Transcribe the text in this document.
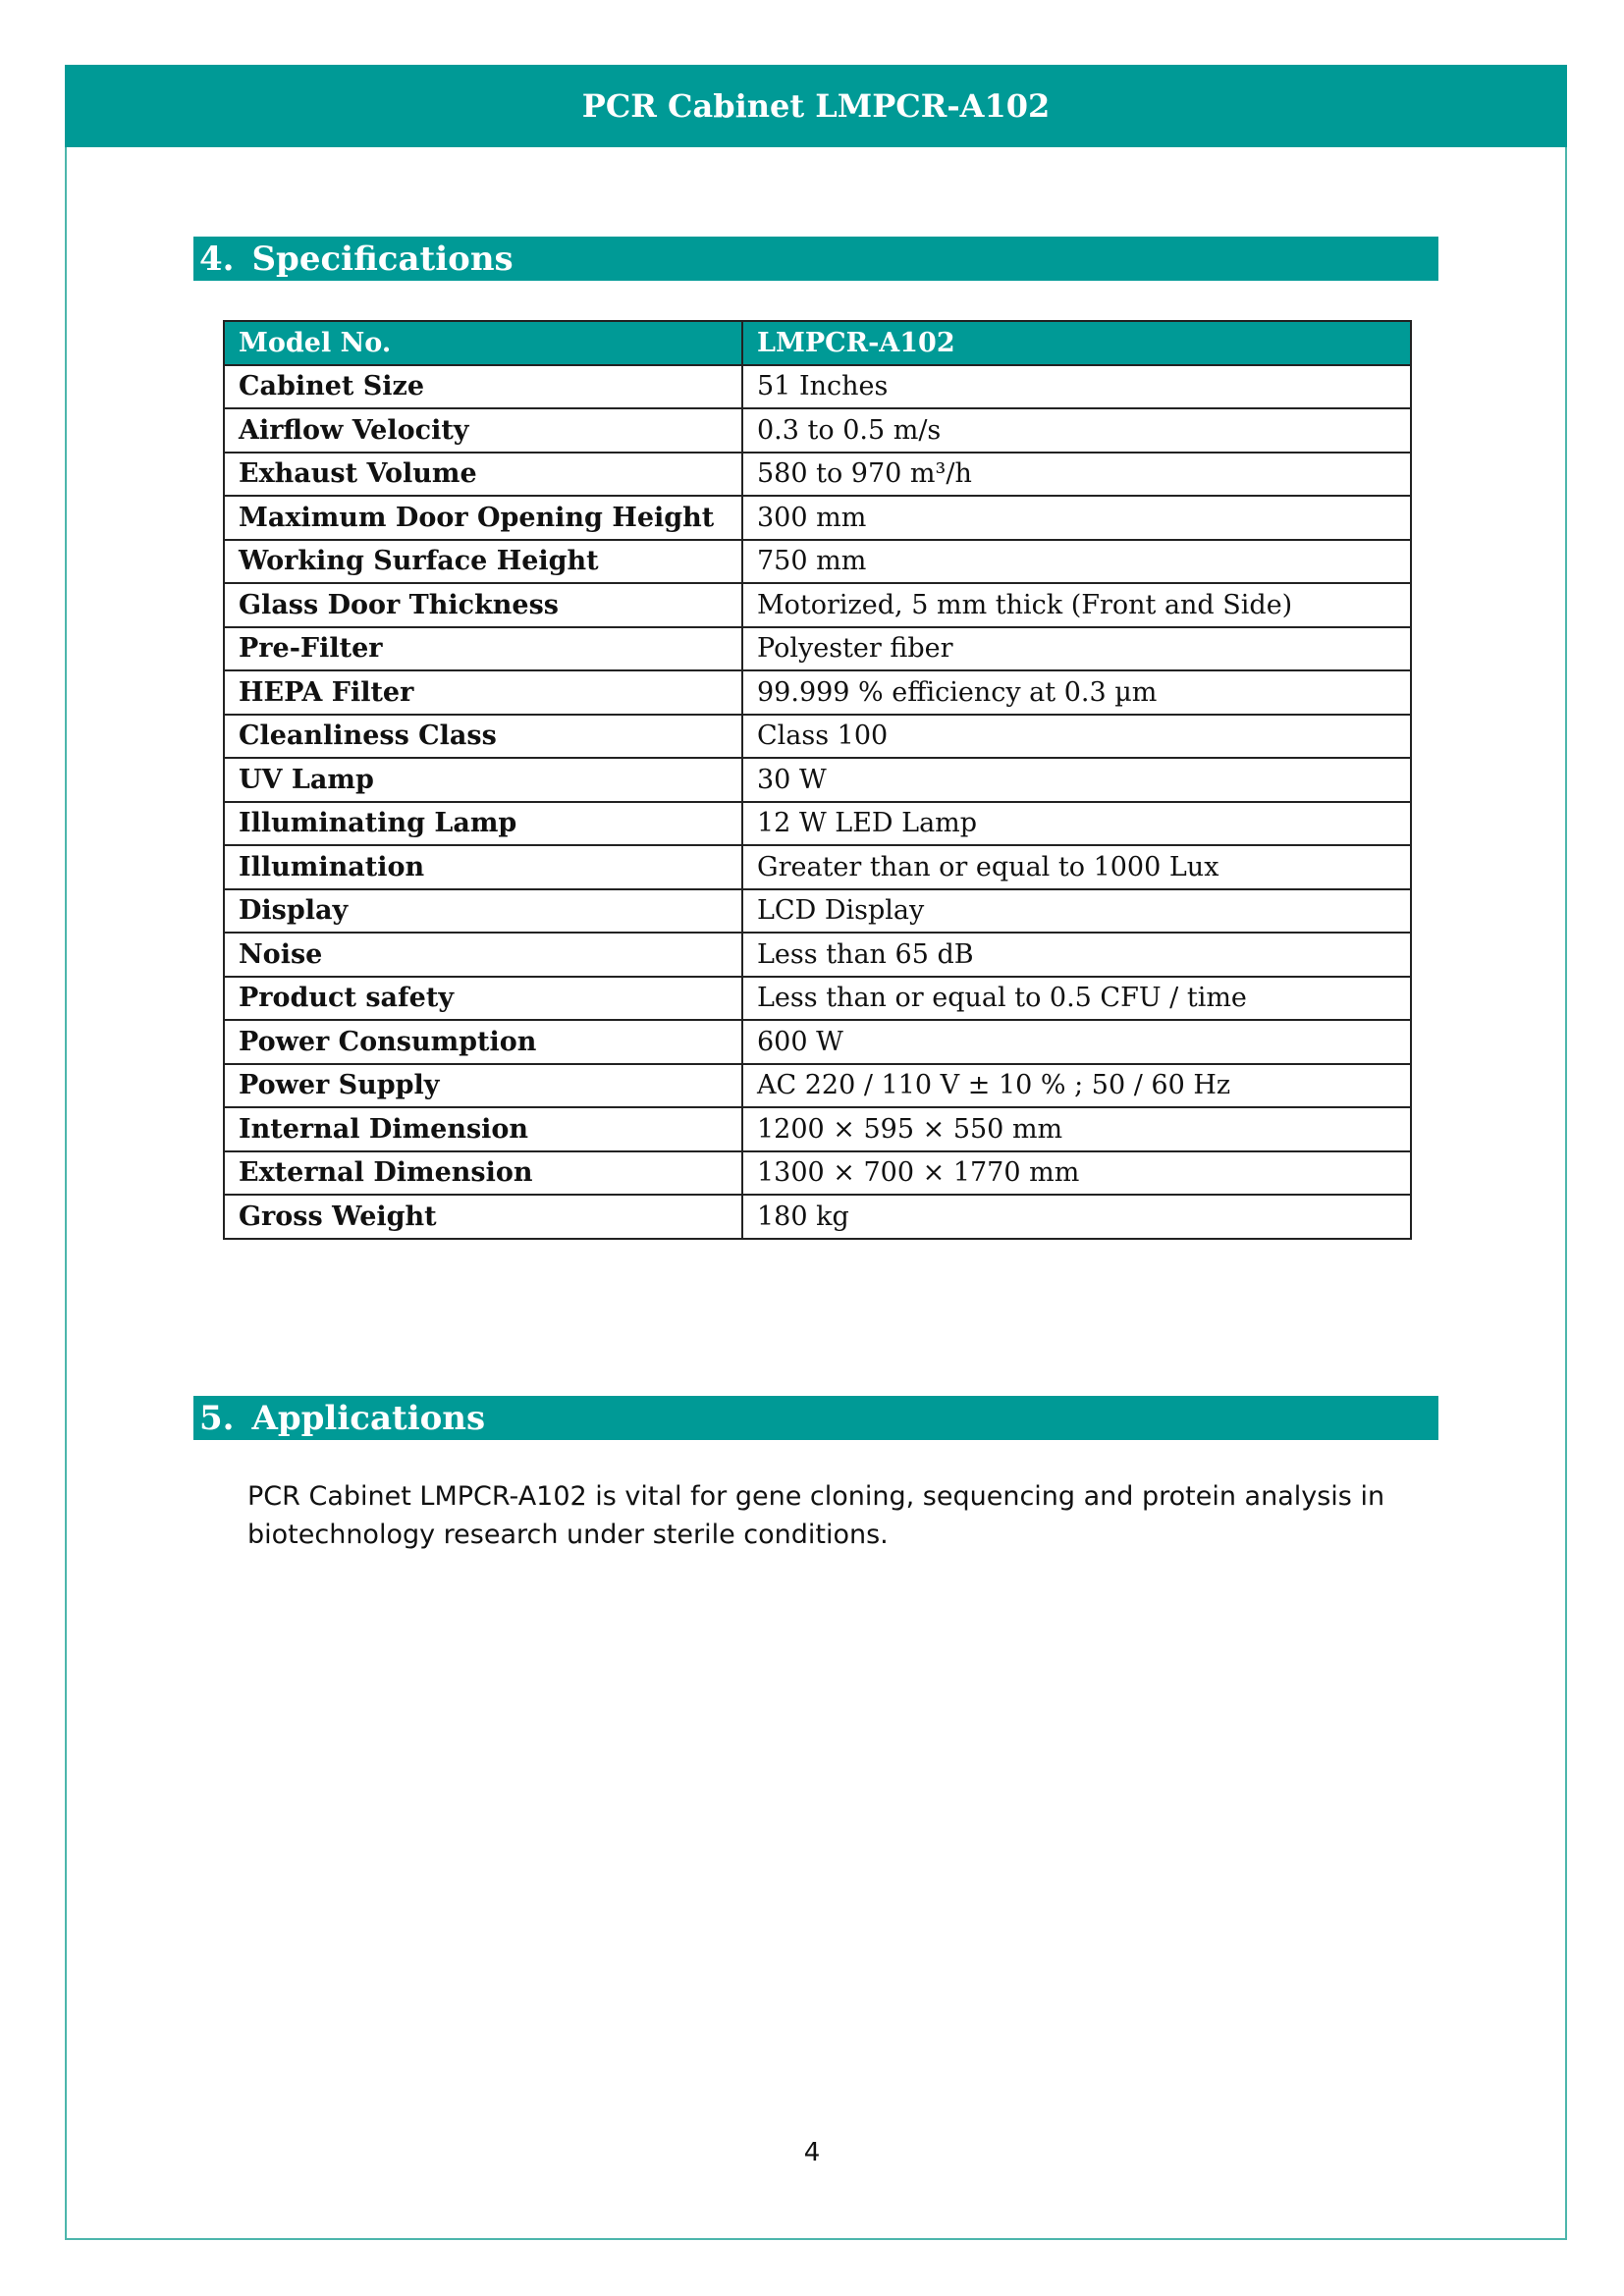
PCR Cabinet LMPCR-A102
4. Specifications
Model No.	LMPCR-A102
Cabinet Size	51 Inches
Airflow Velocity	0.3 to 0.5 m/s
Exhaust Volume	580 to 970 m³/h
Maximum Door Opening Height	300 mm
Working Surface Height	750 mm
Glass Door Thickness	Motorized, 5 mm thick (Front and Side)
Pre-Filter	Polyester fiber
HEPA Filter	99.999 % efficiency at 0.3 µm
Cleanliness Class	Class 100
UV Lamp	30 W
Illuminating Lamp	12 W LED Lamp
Illumination	Greater than or equal to 1000 Lux
Display	LCD Display
Noise	Less than 65 dB
Product safety	Less than or equal to 0.5 CFU / time
Power Consumption	600 W
Power Supply	AC 220 / 110 V ± 10 % ; 50 / 60 Hz
Internal Dimension	1200 × 595 × 550 mm
External Dimension	1300 × 700 × 1770 mm
Gross Weight	180 kg
5. Applications
PCR Cabinet LMPCR-A102 is vital for gene cloning, sequencing and protein analysis in biotechnology research under sterile conditions.
4
